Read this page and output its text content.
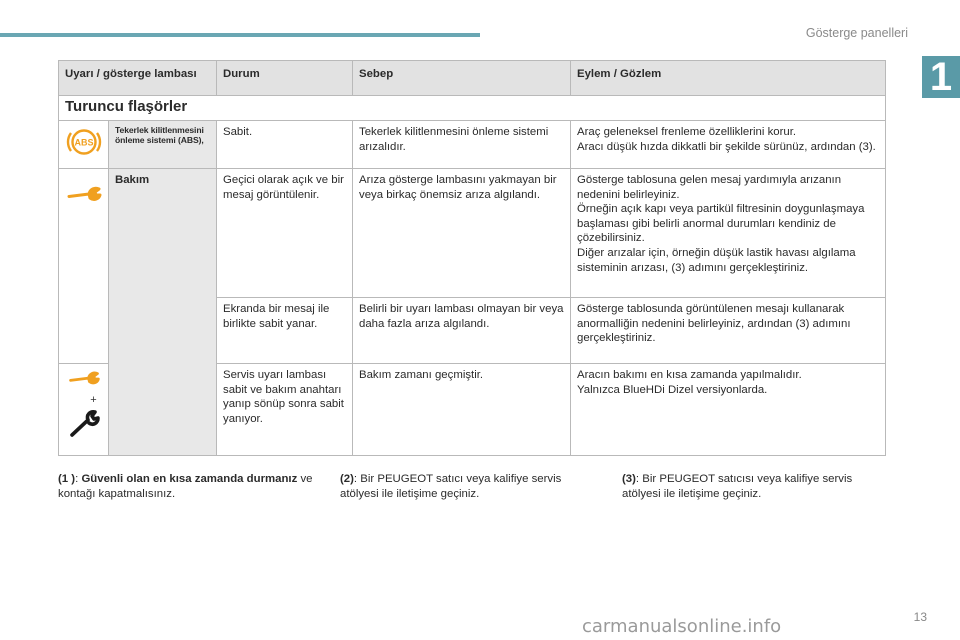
Gösterge panelleri
1
Uyarı / gösterge lambası		Durum	Sebep	Eylem / Gözlem
Turuncu flaşörler				

ABS	Tekerlek kilitlenmesini önleme sistemi (ABS),	Sabit.	Tekerlek kilitlenmesini önleme sistemi arızalıdır.	Araç geleneksel frenleme özelliklerini korur.
Aracı düşük hızda dikkatli bir şekilde sürünüz, ardından (3).
	Bakım	Geçici olarak açık ve bir mesaj görüntülenir.	Arıza gösterge lambasını yakmayan bir veya birkaç önemsiz arıza algılandı.	Gösterge tablosuna gelen mesaj yardımıyla arızanın nedenini belirleyiniz.
Örneğin açık kapı veya partikül filtresinin doygunlaşmaya başlaması gibi belirli anormal durumları kendiniz de çözebilirsiniz.
Diğer arızalar için, örneğin düşük lastik havası algılama sisteminin arızası, (3) adımını gerçekleştiriniz.
		Ekranda bir mesaj ile birlikte sabit yanar.	Belirli bir uyarı lambası olmayan bir veya daha fazla arıza algılandı.	Gösterge tablosunda görüntülenen mesajı kullanarak anormalliğin nedenini belirleyiniz, ardından (3) adımını gerçekleştiriniz.

+		Servis uyarı lambası sabit ve bakım anahtarı yanıp sönüp sonra sabit yanıyor.	Bakım zamanı geçmiştir.	Aracın bakımı en kısa zamanda yapılmalıdır.
Yalnızca BlueHDi Dizel versiyonlarda.
(1 ): Güvenli olan en kısa zamanda durmanız ve kontağı kapatmalısınız.
(2): Bir PEUGEOT satıcı veya kalifiye servis atölyesi ile iletişime geçiniz.
(3): Bir PEUGEOT satıcısı veya kalifiye servis atölyesi ile iletişime geçiniz.
carmanualsonline.info	13
